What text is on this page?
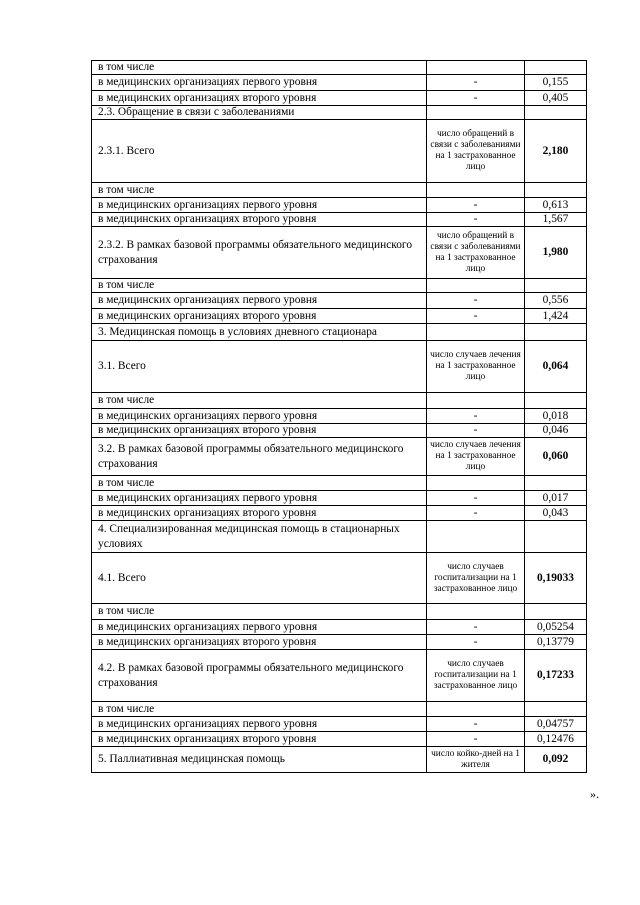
в том числе		
в медицинских организациях первого уровня	-	0,155
в медицинских организациях второго уровня	-	0,405
2.3. Обращение в связи с заболеваниями		
2.3.1. Всего	число обращений в связи с заболеваниями на 1 застрахованное лицо	2,180
в том числе		
в медицинских организациях первого уровня	-	0,613
в медицинских организациях второго уровня	-	1,567
2.3.2. В рамках базовой программы обязательного медицинского страхования	число обращений в связи с заболеваниями на 1 застрахованное лицо	1,980
в том числе		
в медицинских организациях первого уровня	-	0,556
в медицинских организациях второго уровня	-	1,424
3. Медицинская помощь в условиях дневного стационара		
3.1. Всего	число случаев лечения на 1 застрахованное лицо	0,064
в том числе		
в медицинских организациях первого уровня	-	0,018
в медицинских организациях второго уровня	-	0,046
3.2. В рамках базовой программы обязательного медицинского страхования	число случаев лечения на 1 застрахованное лицо	0,060
в том числе		
в медицинских организациях первого уровня	-	0,017
в медицинских организациях второго уровня	-	0,043
4. Специализированная медицинская помощь в стационарных условиях		
4.1. Всего	число случаев госпитализации на 1 застрахованное лицо	0,19033
в том числе		
в медицинских организациях первого уровня	-	0,05254
в медицинских организациях второго уровня	-	0,13779
4.2. В рамках базовой программы обязательного медицинского страхования	число случаев госпитализации на 1 застрахованное лицо	0,17233
в том числе		
в медицинских организациях первого уровня	-	0,04757
в медицинских организациях второго уровня	-	0,12476
5. Паллиативная медицинская помощь	число койко-дней на 1 жителя	0,092
».
